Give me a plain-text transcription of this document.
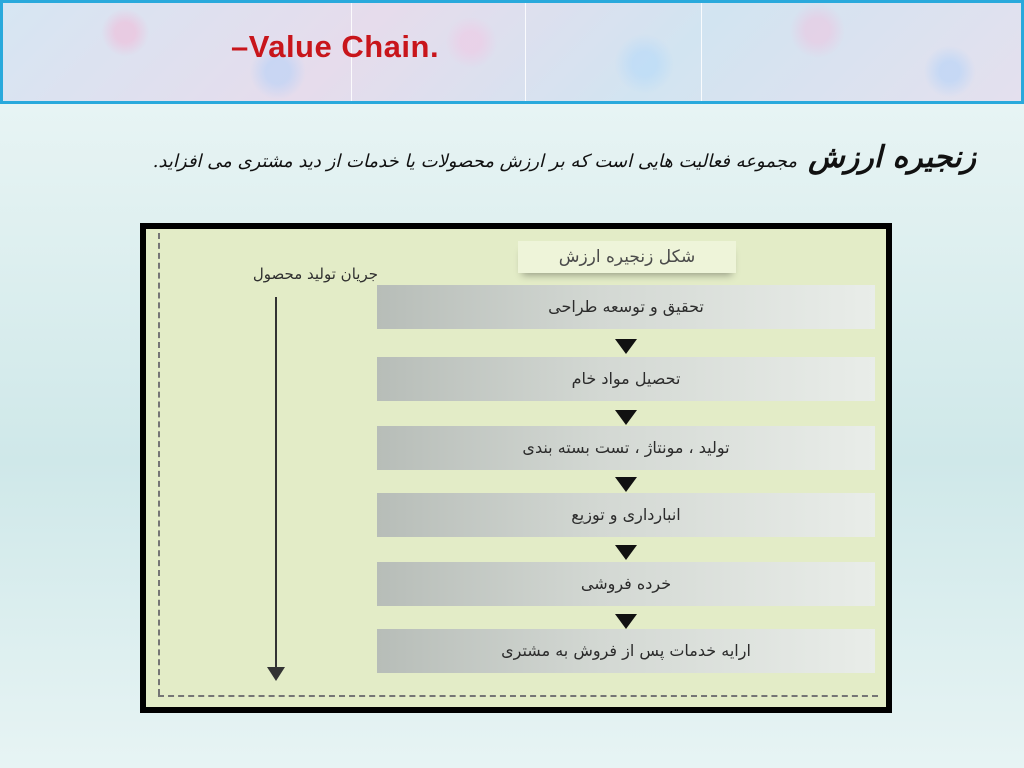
–Value Chain.
زنجیره ارزش مجموعه فعالیت هایی است که بر ارزش محصولات یا خدمات از دید مشتری می افزاید.
شکل زنجیره ارزش
جریان تولید محصول
تحقیق و توسعه طراحی
تحصیل مواد خام
تولید ، مونتاژ ، تست بسته بندی
انبارداری و توزیع
خرده فروشی
ارایه خدمات پس از فروش به مشتری
